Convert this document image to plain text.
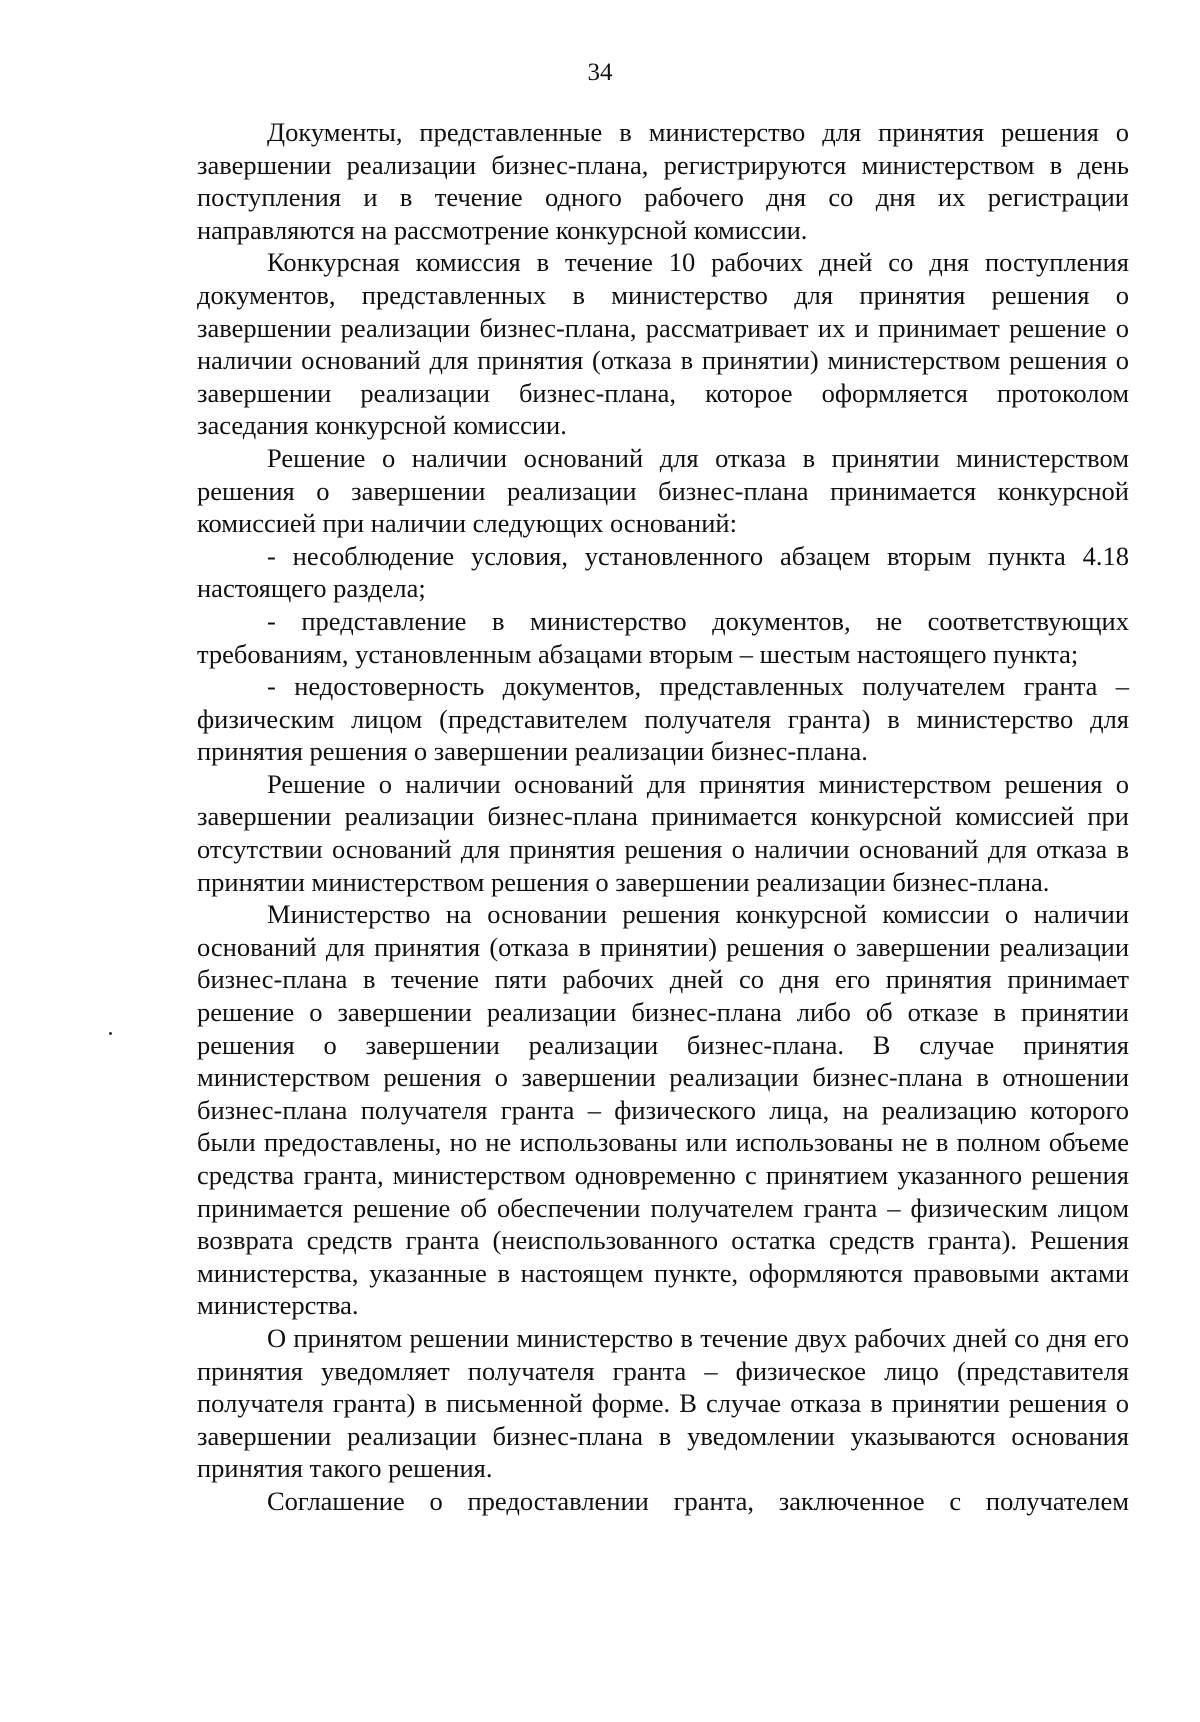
34

Документы, представленные в министерство для принятия решения о завершении реализации бизнес-плана, регистрируются министерством в день поступления и в течение одного рабочего дня со дня их регистрации направляются на рассмотрение конкурсной комиссии.

Конкурсная комиссия в течение 10 рабочих дней со дня поступления документов, представленных в министерство для принятия решения о завершении реализации бизнес-плана, рассматривает их и принимает решение о наличии оснований для принятия (отказа в принятии) министерством решения о завершении реализации бизнес-плана, которое оформляется протоколом заседания конкурсной комиссии.

Решение о наличии оснований для отказа в принятии министерством решения о завершении реализации бизнес-плана принимается конкурсной комиссией при наличии следующих оснований:

- несоблюдение условия, установленного абзацем вторым пункта 4.18 настоящего раздела;

- представление в министерство документов, не соответствующих требованиям, установленным абзацами вторым – шестым настоящего пункта;

- недостоверность документов, представленных получателем гранта – физическим лицом (представителем получателя гранта) в министерство для принятия решения о завершении реализации бизнес-плана.

Решение о наличии оснований для принятия министерством решения о завершении реализации бизнес-плана принимается конкурсной комиссией при отсутствии оснований для принятия решения о наличии оснований для отказа в принятии министерством решения о завершении реализации бизнес-плана.

Министерство на основании решения конкурсной комиссии о наличии оснований для принятия (отказа в принятии) решения о завершении реализации бизнес-плана в течение пяти рабочих дней со дня его принятия принимает решение о завершении реализации бизнес-плана либо об отказе в принятии решения о завершении реализации бизнес-плана. В случае принятия министерством решения о завершении реализации бизнес-плана в отношении бизнес-плана получателя гранта – физического лица, на реализацию которого были предоставлены, но не использованы или использованы не в полном объеме средства гранта, министерством одновременно с принятием указанного решения принимается решение об обеспечении получателем гранта – физическим лицом возврата средств гранта (неиспользованного остатка средств гранта). Решения министерства, указанные в настоящем пункте, оформляются правовыми актами министерства.

О принятом решении министерство в течение двух рабочих дней со дня его принятия уведомляет получателя гранта – физическое лицо (представителя получателя гранта) в письменной форме. В случае отказа в принятии решения о завершении реализации бизнес-плана в уведомлении указываются основания принятия такого решения.

Соглашение о предоставлении гранта, заключенное с получателем
